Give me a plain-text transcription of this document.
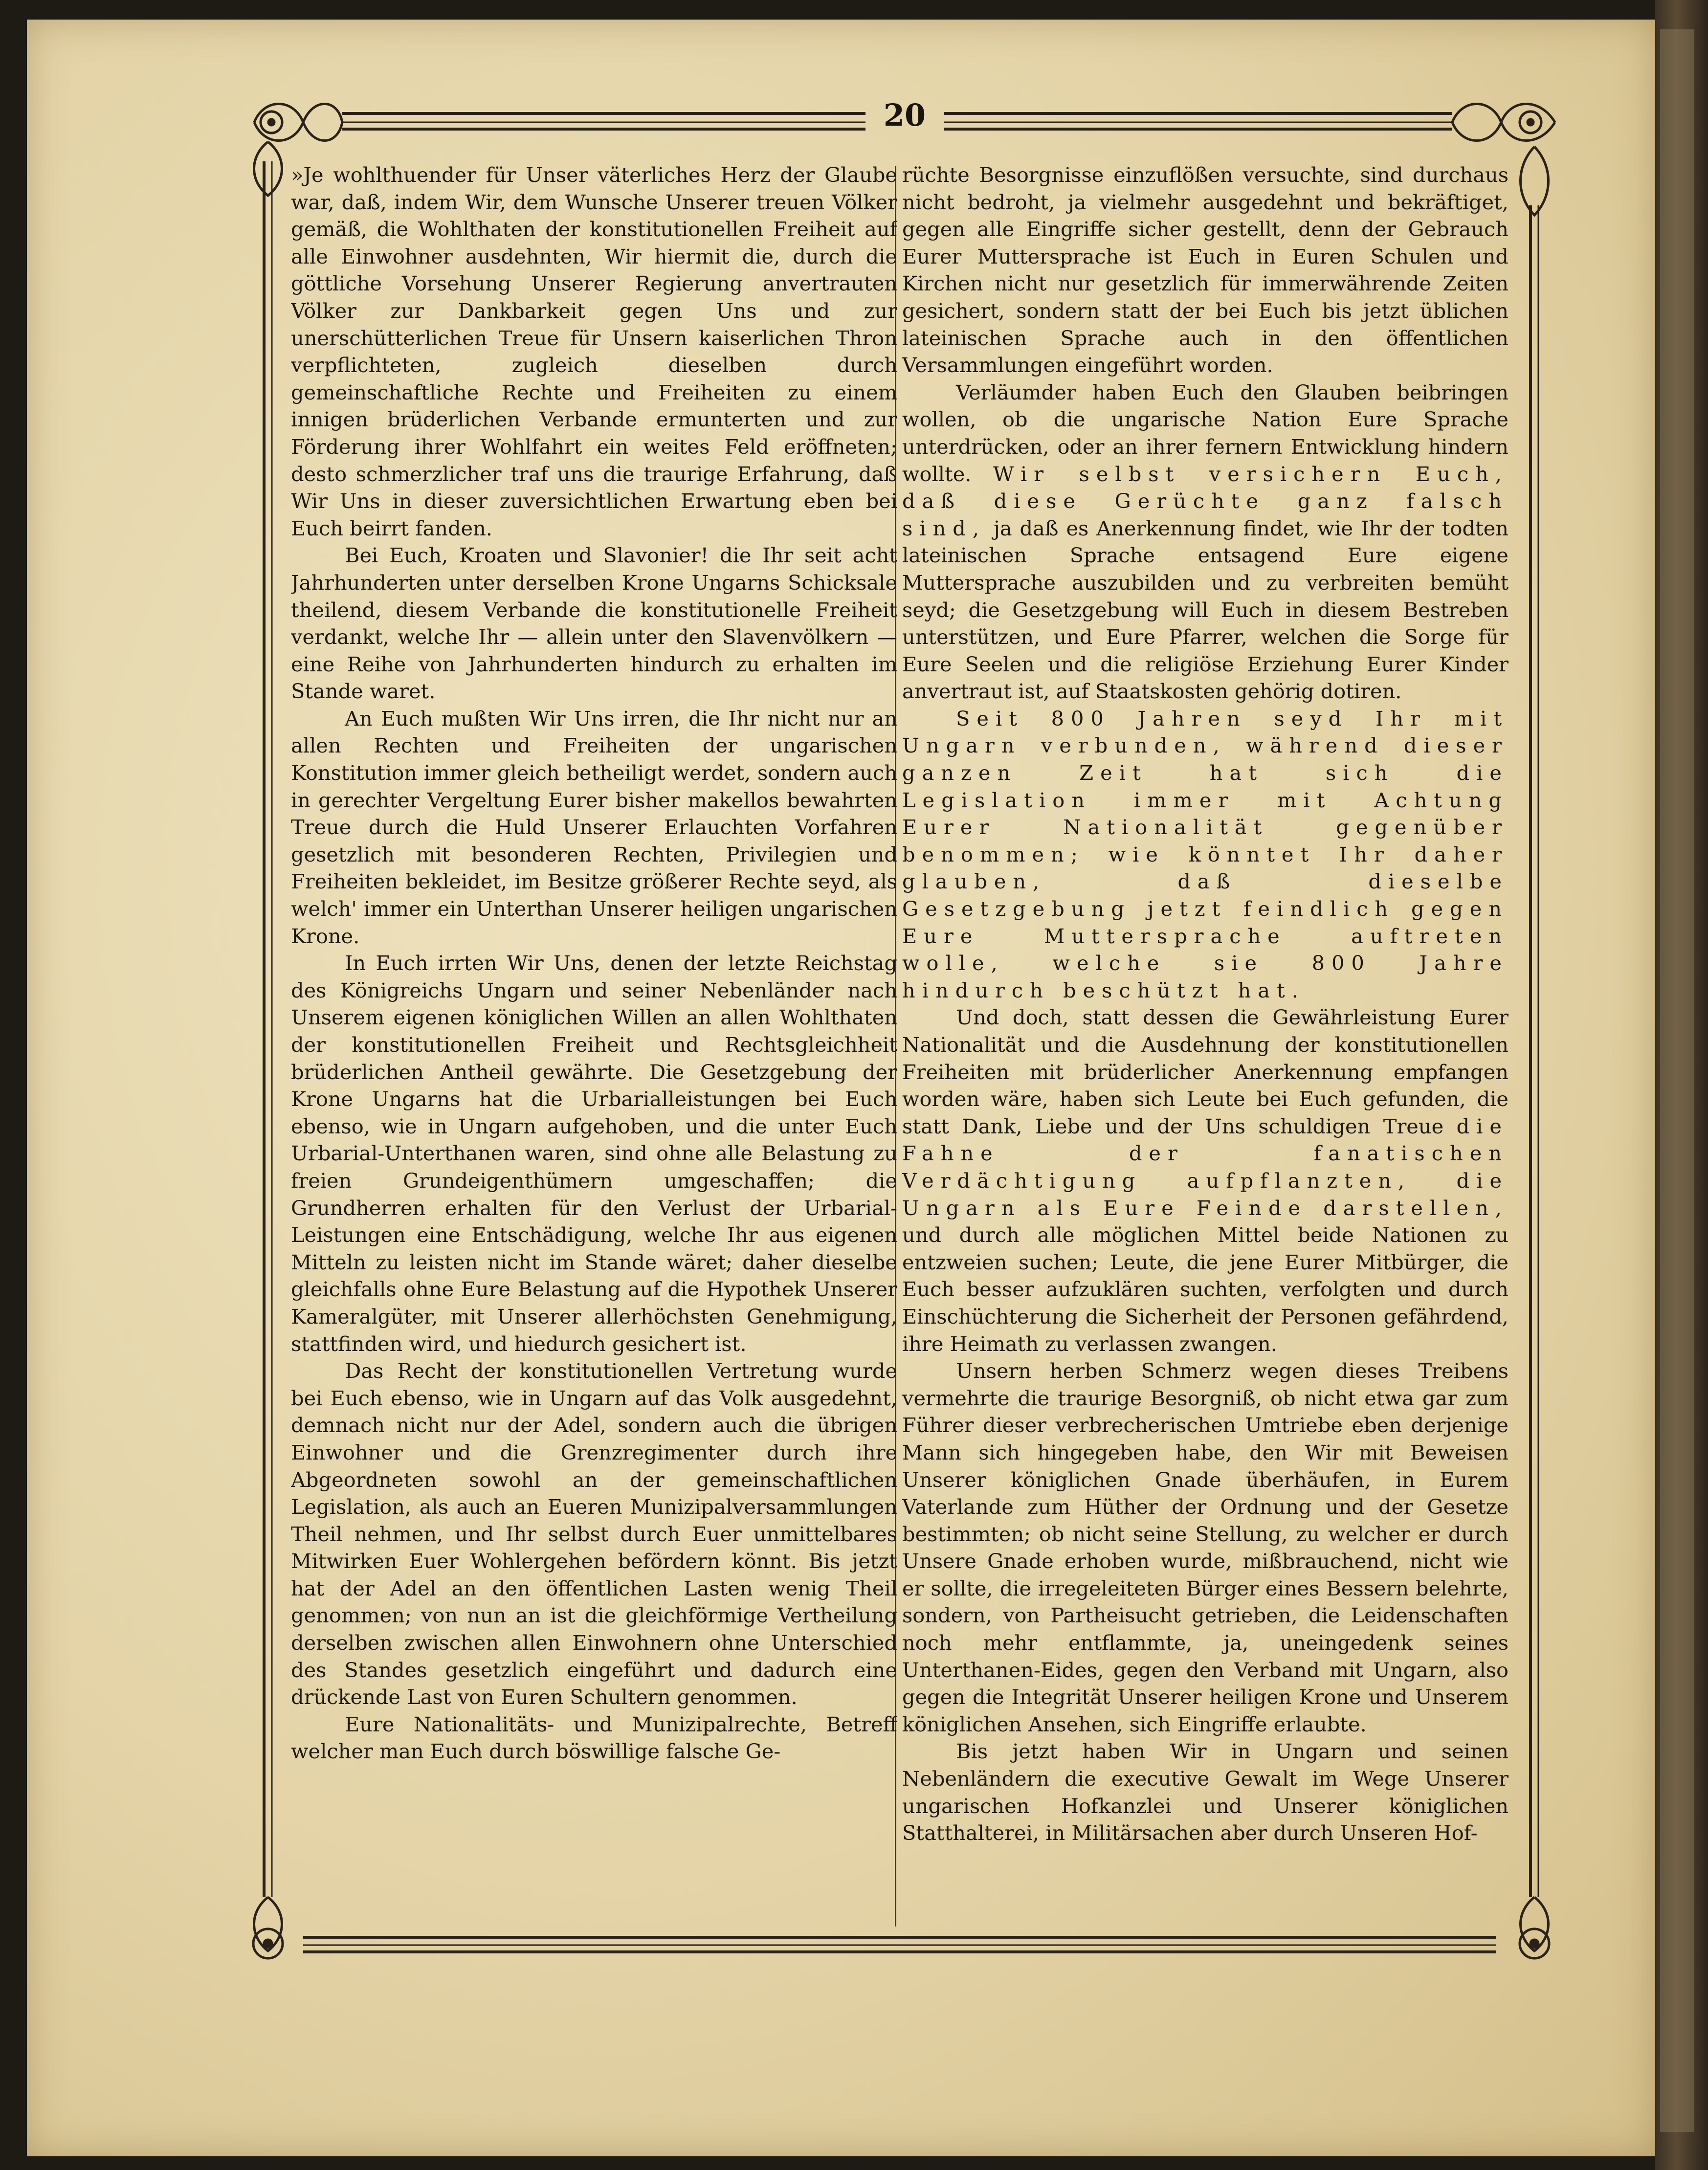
20

»Je wohlthuender für Unser väterliches Herz der Glaube war, daß, indem Wir, dem Wunsche Unserer treuen Völker gemäß, die Wohlthaten der konstitutionellen Freiheit auf alle Einwohner ausdehnten, Wir hiermit die, durch die göttliche Vorsehung Unserer Regierung anvertrauten Völker zur Dankbarkeit gegen Uns und zur unerschütterlichen Treue für Unsern kaiserlichen Thron verpflichteten, zugleich dieselben durch gemeinschaftliche Rechte und Freiheiten zu einem innigen brüderlichen Verbande ermunterten und zur Förderung ihrer Wohlfahrt ein weites Feld eröffneten; desto schmerzlicher traf uns die traurige Erfahrung, daß Wir Uns in dieser zuversichtlichen Erwartung eben bei Euch beirrt fanden.

Bei Euch, Kroaten und Slavonier! die Ihr seit acht Jahrhunderten unter derselben Krone Ungarns Schicksale theilend, diesem Verbande die konstitutionelle Freiheit verdankt, welche Ihr — allein unter den Slavenvölkern — eine Reihe von Jahrhunderten hindurch zu erhalten im Stande waret.

An Euch mußten Wir Uns irren, die Ihr nicht nur an allen Rechten und Freiheiten der ungarischen Konstitution immer gleich betheiligt werdet, sondern auch in gerechter Vergeltung Eurer bisher makellos bewahrten Treue durch die Huld Unserer Erlauchten Vorfahren gesetzlich mit besonderen Rechten, Privilegien und Freiheiten bekleidet, im Besitze größerer Rechte seyd, als welch' immer ein Unterthan Unserer heiligen ungarischen Krone.

In Euch irrten Wir Uns, denen der letzte Reichstag des Königreichs Ungarn und seiner Nebenländer nach Unserem eigenen königlichen Willen an allen Wohlthaten der konstitutionellen Freiheit und Rechtsgleichheit brüderlichen Antheil gewährte. Die Gesetzgebung der Krone Ungarns hat die Urbarialleistungen bei Euch ebenso, wie in Ungarn aufgehoben, und die unter Euch Urbarial-Unterthanen waren, sind ohne alle Belastung zu freien Grundeigenthümern umgeschaffen; die Grundherren erhalten für den Verlust der Urbarial-Leistungen eine Entschädigung, welche Ihr aus eigenen Mitteln zu leisten nicht im Stande wäret; daher dieselbe gleichfalls ohne Eure Belastung auf die Hypothek Unserer Kameralgüter, mit Unserer allerhöchsten Genehmigung, stattfinden wird, und hiedurch gesichert ist.

Das Recht der konstitutionellen Vertretung wurde bei Euch ebenso, wie in Ungarn auf das Volk ausgedehnt, demnach nicht nur der Adel, sondern auch die übrigen Einwohner und die Grenzregimenter durch ihre Abgeordneten sowohl an der gemeinschaftlichen Legislation, als auch an Eueren Munizipalversammlungen Theil nehmen, und Ihr selbst durch Euer unmittelbares Mitwirken Euer Wohlergehen befördern könnt. Bis jetzt hat der Adel an den öffentlichen Lasten wenig Theil genommen; von nun an ist die gleichförmige Vertheilung derselben zwischen allen Einwohnern ohne Unterschied des Standes gesetzlich eingeführt und dadurch eine drückende Last von Euren Schultern genommen.

Eure Nationalitäts- und Munizipalrechte, Betreff welcher man Euch durch böswillige falsche Ge-

rüchte Besorgnisse einzuflößen versuchte, sind durchaus nicht bedroht, ja vielmehr ausgedehnt und bekräftiget, gegen alle Eingriffe sicher gestellt, denn der Gebrauch Eurer Muttersprache ist Euch in Euren Schulen und Kirchen nicht nur gesetzlich für immerwährende Zeiten gesichert, sondern statt der bei Euch bis jetzt üblichen lateinischen Sprache auch in den öffentlichen Versammlungen eingeführt worden.

Verläumder haben Euch den Glauben beibringen wollen, ob die ungarische Nation Eure Sprache unterdrücken, oder an ihrer fernern Entwicklung hindern wollte. Wir selbst versichern Euch, daß diese Gerüchte ganz falsch sind, ja daß es Anerkennung findet, wie Ihr der todten lateinischen Sprache entsagend Eure eigene Muttersprache auszubilden und zu verbreiten bemüht seyd; die Gesetzgebung will Euch in diesem Bestreben unterstützen, und Eure Pfarrer, welchen die Sorge für Eure Seelen und die religiöse Erziehung Eurer Kinder anvertraut ist, auf Staatskosten gehörig dotiren.

Seit 800 Jahren seyd Ihr mit Ungarn verbunden, während dieser ganzen Zeit hat sich die Legislation immer mit Achtung Eurer Nationalität gegenüber benommen; wie könntet Ihr daher glauben, daß dieselbe Gesetzgebung jetzt feindlich gegen Eure Muttersprache auftreten wolle, welche sie 800 Jahre hindurch beschützt hat.

Und doch, statt dessen die Gewährleistung Eurer Nationalität und die Ausdehnung der konstitutionellen Freiheiten mit brüderlicher Anerkennung empfangen worden wäre, haben sich Leute bei Euch gefunden, die statt Dank, Liebe und der Uns schuldigen Treue die Fahne der fanatischen Verdächtigung aufpflanzten, die Ungarn als Eure Feinde darstellen, und durch alle möglichen Mittel beide Nationen zu entzweien suchen; Leute, die jene Eurer Mitbürger, die Euch besser aufzuklären suchten, verfolgten und durch Einschüchterung die Sicherheit der Personen gefährdend, ihre Heimath zu verlassen zwangen.

Unsern herben Schmerz wegen dieses Treibens vermehrte die traurige Besorgniß, ob nicht etwa gar zum Führer dieser verbrecherischen Umtriebe eben derjenige Mann sich hingegeben habe, den Wir mit Beweisen Unserer königlichen Gnade überhäufen, in Eurem Vaterlande zum Hüther der Ordnung und der Gesetze bestimmten; ob nicht seine Stellung, zu welcher er durch Unsere Gnade erhoben wurde, mißbrauchend, nicht wie er sollte, die irregeleiteten Bürger eines Bessern belehrte, sondern, von Partheisucht getrieben, die Leidenschaften noch mehr entflammte, ja, uneingedenk seines Unterthanen-Eides, gegen den Verband mit Ungarn, also gegen die Integrität Unserer heiligen Krone und Unserem königlichen Ansehen, sich Eingriffe erlaubte.

Bis jetzt haben Wir in Ungarn und seinen Nebenländern die executive Gewalt im Wege Unserer ungarischen Hofkanzlei und Unserer königlichen Statthalterei, in Militärsachen aber durch Unseren Hof-
